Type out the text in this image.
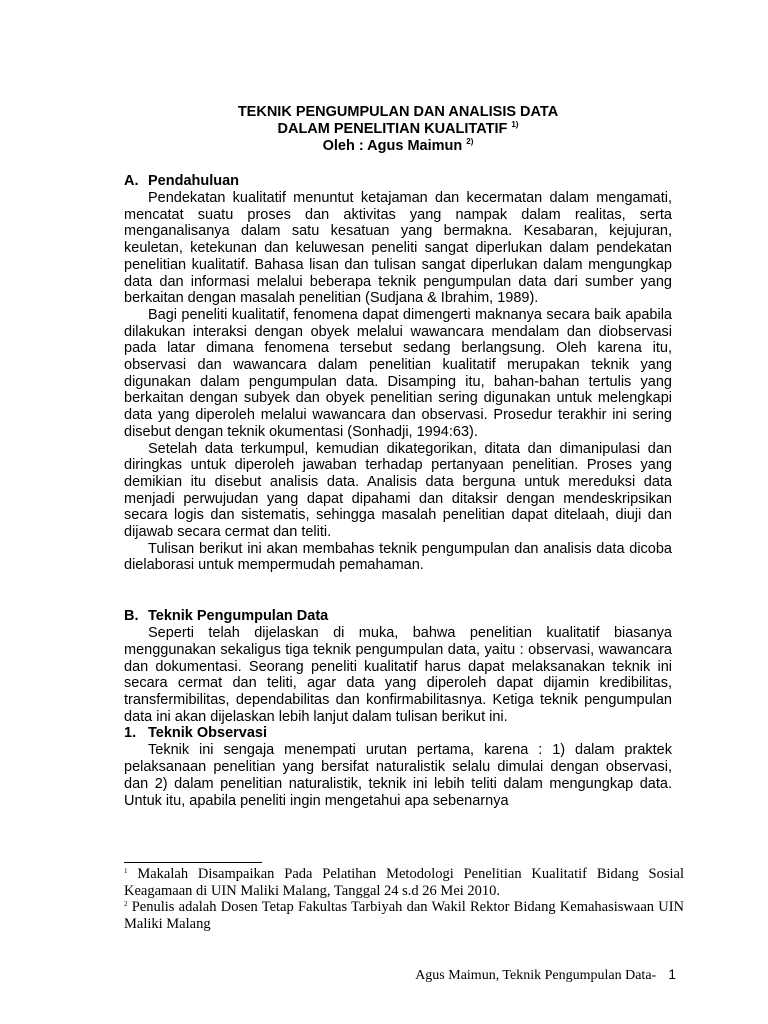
TEKNIK PENGUMPULAN DAN ANALISIS DATA
DALAM PENELITIAN KUALITATIF $^{1)}$
Oleh : Agus Maimun $^{2)}$
A. Pendahuluan

Pendekatan kualitatif menuntut ketajaman dan kecermatan dalam mengamati, mencatat suatu proses dan aktivitas yang nampak dalam realitas, serta menganalisanya dalam satu kesatuan yang bermakna. Kesabaran, kejujuran, keuletan, ketekunan dan keluwesan peneliti sangat diperlukan dalam pendekatan penelitian kualitatif. Bahasa lisan dan tulisan sangat diperlukan dalam mengungkap data dan informasi melalui beberapa teknik pengumpulan data dari sumber yang berkaitan dengan masalah penelitian (Sudjana & Ibrahim, 1989).

Bagi peneliti kualitatif, fenomena dapat dimengerti maknanya secara baik apabila dilakukan interaksi dengan obyek melalui wawancara mendalam dan diobservasi pada latar dimana fenomena tersebut sedang berlangsung. Oleh karena itu, observasi dan wawancara dalam penelitian kualitatif merupakan teknik yang digunakan dalam pengumpulan data. Disamping itu, bahan-bahan tertulis yang berkaitan dengan subyek dan obyek penelitian sering digunakan untuk melengkapi data yang diperoleh melalui wawancara dan observasi. Prosedur terakhir ini sering disebut dengan teknik okumentasi (Sonhadji, 1994:63).

Setelah data terkumpul, kemudian dikategorikan, ditata dan dimanipulasi dan diringkas untuk diperoleh jawaban terhadap pertanyaan penelitian. Proses yang demikian itu disebut analisis data. Analisis data berguna untuk mereduksi data menjadi perwujudan yang dapat dipahami dan ditaksir dengan mendeskripsikan secara logis dan sistematis, sehingga masalah penelitian dapat ditelaah, diuji dan dijawab secara cermat dan teliti.

Tulisan berikut ini akan membahas teknik pengumpulan dan analisis data dicoba dielaborasi untuk mempermudah pemahaman.

B. Teknik Pengumpulan Data

Seperti telah dijelaskan di muka, bahwa penelitian kualitatif biasanya menggunakan sekaligus tiga teknik pengumpulan data, yaitu : observasi, wawancara dan dokumentasi. Seorang peneliti kualitatif harus dapat melaksanakan teknik ini secara cermat dan teliti, agar data yang diperoleh dapat dijamin kredibilitas, transfermibilitas, dependabilitas dan konfirmabilitasnya. Ketiga teknik pengumpulan data ini akan dijelaskan lebih lanjut dalam tulisan berikut ini.

1. Teknik Observasi

Teknik ini sengaja menempati urutan pertama, karena : 1) dalam praktek pelaksanaan penelitian yang bersifat naturalistik selalu dimulai dengan observasi, dan 2) dalam penelitian naturalistik, teknik ini lebih teliti dalam mengungkap data. Untuk itu, apabila peneliti ingin mengetahui apa sebenarnya

$^1$ Makalah Disampaikan Pada Pelatihan Metodologi Penelitian Kualitatif Bidang Sosial Keagamaan di UIN Maliki Malang, Tanggal 24 s.d 26 Mei 2010.

$^2$ Penulis adalah Dosen Tetap Fakultas Tarbiyah dan Wakil Rektor Bidang Kemahasiswaan UIN Maliki Malang

Agus Maimun, Teknik Pengumpulan Data- 1
